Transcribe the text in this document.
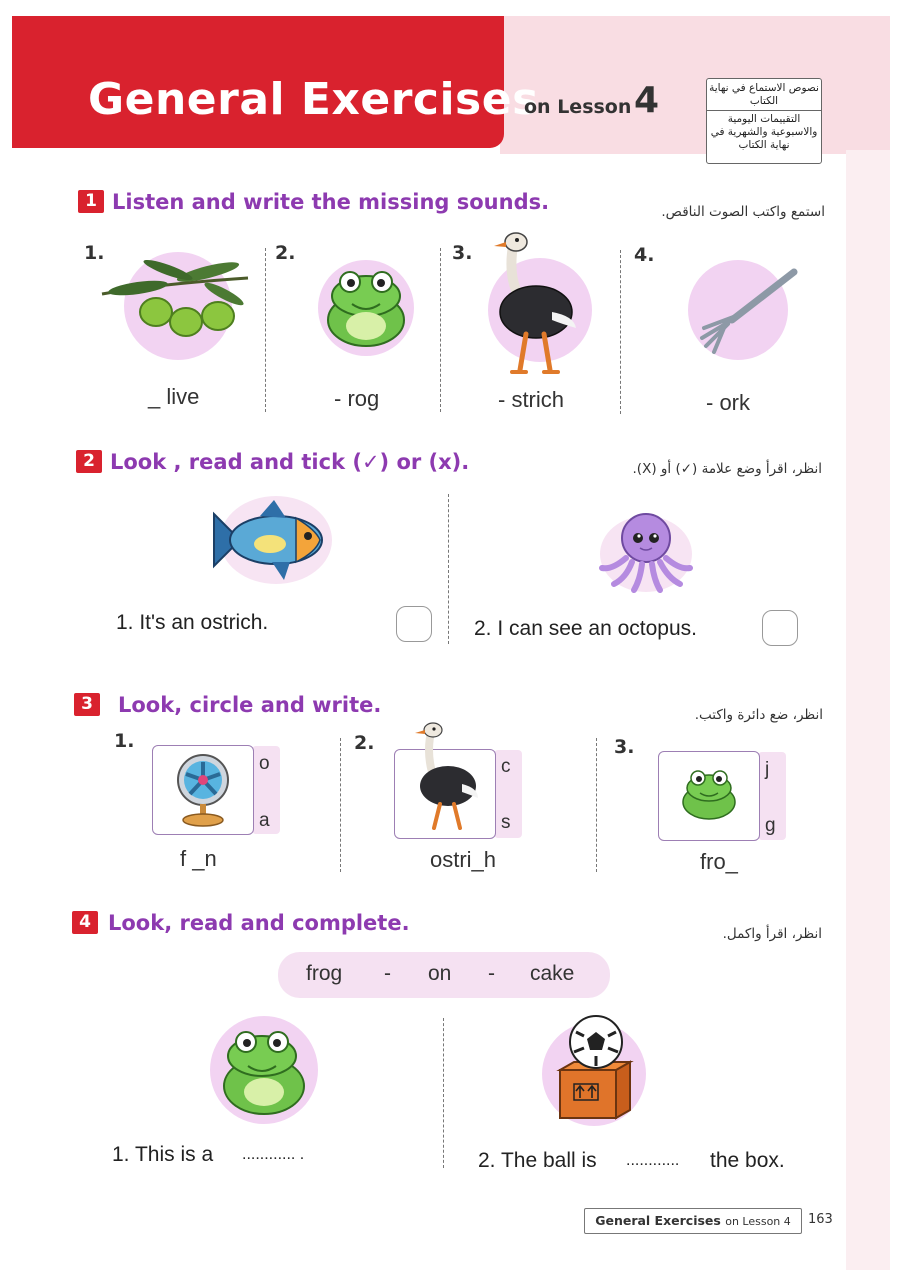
General Exercises
on Lesson 4	نصوص الاستماع في نهاية الكتاب
التقييمات اليومية والاسبوعية والشهرية في نهاية الكتاب
1 Listen and write the missing sounds.	استمع واكتب الصوت الناقص.
1.	2.	3.	4.
_ live	- rog	- strich	- ork
2 Look , read and tick (✓) or (x).	انظر، اقرأ وضع علامة (✓) أو (X).
1. It's an ostrich.	2. I can see an octopus.
3	Look, circle and write.	انظر، ضع دائرة واكتب.
1.	2.	3.
o
a
f _n
c
s
ostri_h
j
g
fro_
4 Look, read and complete.	انظر، اقرأ واكمل.
frog - on - cake
1. This is a ............ .	2. The ball is ............ the box.
General Exercises on Lesson 4	163
